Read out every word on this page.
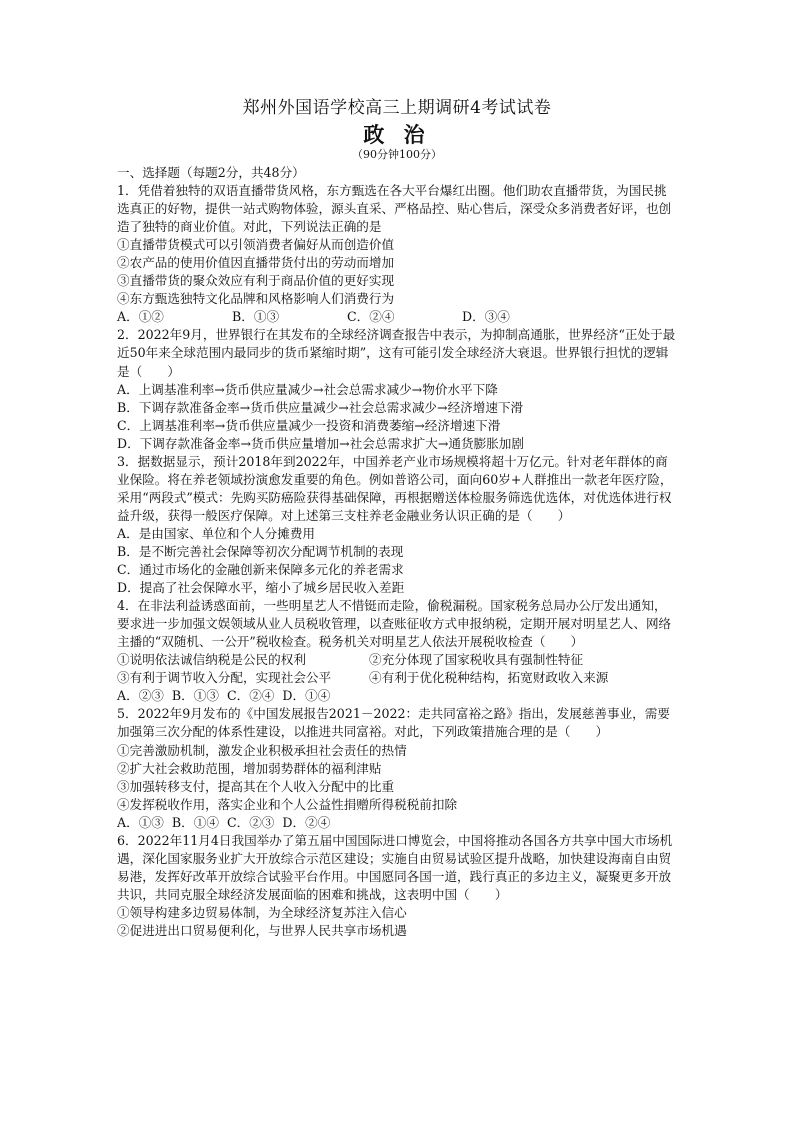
郑州外国语学校高三上期调研4考试试卷
政 治
（90分钟100分）
一、选择题（每题2分，共48分）
1．凭借着独特的双语直播带货风格，东方甄选在各大平台爆红出圈。他们助农直播带货，为国民挑选真正的好物，提供一站式购物体验，源头直采、严格品控、贴心售后，深受众多消费者好评，也创造了独特的商业价值。对此，下列说法正确的是
①直播带货模式可以引领消费者偏好从而创造价值
②农产品的使用价值因直播带货付出的劳动而增加
③直播带货的聚众效应有利于商品价值的更好实现
④东方甄选独特文化品牌和风格影响人们消费行为
A．①②	B．①③	C．②④	D．③④
2．2022年9月，世界银行在其发布的全球经济调查报告中表示，为抑制高通胀，世界经济“正处于最近50年来全球范围内最同步的货币紧缩时期”，这有可能引发全球经济大衰退。世界银行担忧的逻辑是（　　）
A．上调基准利率→货币供应量减少→社会总需求减少→物价水平下降
B．下调存款准备金率→货币供应量减少→社会总需求减少→经济增速下滑
C．上调基准利率→货币供应量减少一投资和消费萎缩→经济增速下滑
D．下调存款准备金率→货币供应量增加→社会总需求扩大→通货膨胀加剧
3．据数据显示，预计2018年到2022年，中国养老产业市场规模将超十万亿元。针对老年群体的商业保险。将在养老领域扮演愈发重要的角色。例如普谘公司，面向60岁+人群推出一款老年医疗险，采用“两段式”模式：先购买防癌险获得基础保障，再根据赠送体检服务筛选优选体，对优选体进行权益升级，获得一般医疗保障。对上述第三支柱养老金融业务认识正确的是（　　）
A．是由国家、单位和个人分摊费用
B．是不断完善社会保障等初次分配调节机制的表现
C．通过市场化的金融创新来保障多元化的养老需求
D．提高了社会保障水平，缩小了城乡居民收入差距
4．在非法利益诱惑面前，一些明星艺人不惜铤而走险，偷税漏税。国家税务总局办公厅发出通知，要求进一步加强文娱领域从业人员税收管理，以查账征收方式申报纳税，定期开展对明星艺人、网络主播的“双随机、一公开”税收检查。税务机关对明星艺人依法开展税收检查（　　）
①说明依法诚信纳税是公民的权利	②充分体现了国家税收具有强制性特征
③有利于调节收入分配，实现社会公平	④有利于优化税种结构，拓宽财政收入来源
A．②③ B．①③ C．②④ D．①④
5．2022年9月发布的《中国发展报告2021－2022：走共同富裕之路》指出，发展慈善事业，需要加强第三次分配的体系性建设，以推进共同富裕。对此，下列政策措施合理的是（　　）
①完善激励机制，激发企业积极承担社会责任的热情
②扩大社会救助范围，增加弱势群体的福利津贴
③加强转移支付，提高其在个人收入分配中的比重
④发挥税收作用，落实企业和个人公益性捐赠所得税税前扣除
A．①③ B．①④ C．②③ D．②④
6．2022年11月4日我国举办了第五届中国国际进口博览会，中国将推动各国各方共享中国大市场机遇，深化国家服务业扩大开放综合示范区建设；实施自由贸易试验区提升战略，加快建设海南自由贸易港，发挥好改革开放综合试验平台作用。中国愿同各国一道，践行真正的多边主义，凝聚更多开放共识，共同克服全球经济发展面临的困难和挑战，这表明中国（　　）
①领导构建多边贸易体制，为全球经济复苏注入信心
②促进进出口贸易便利化，与世界人民共享市场机遇
